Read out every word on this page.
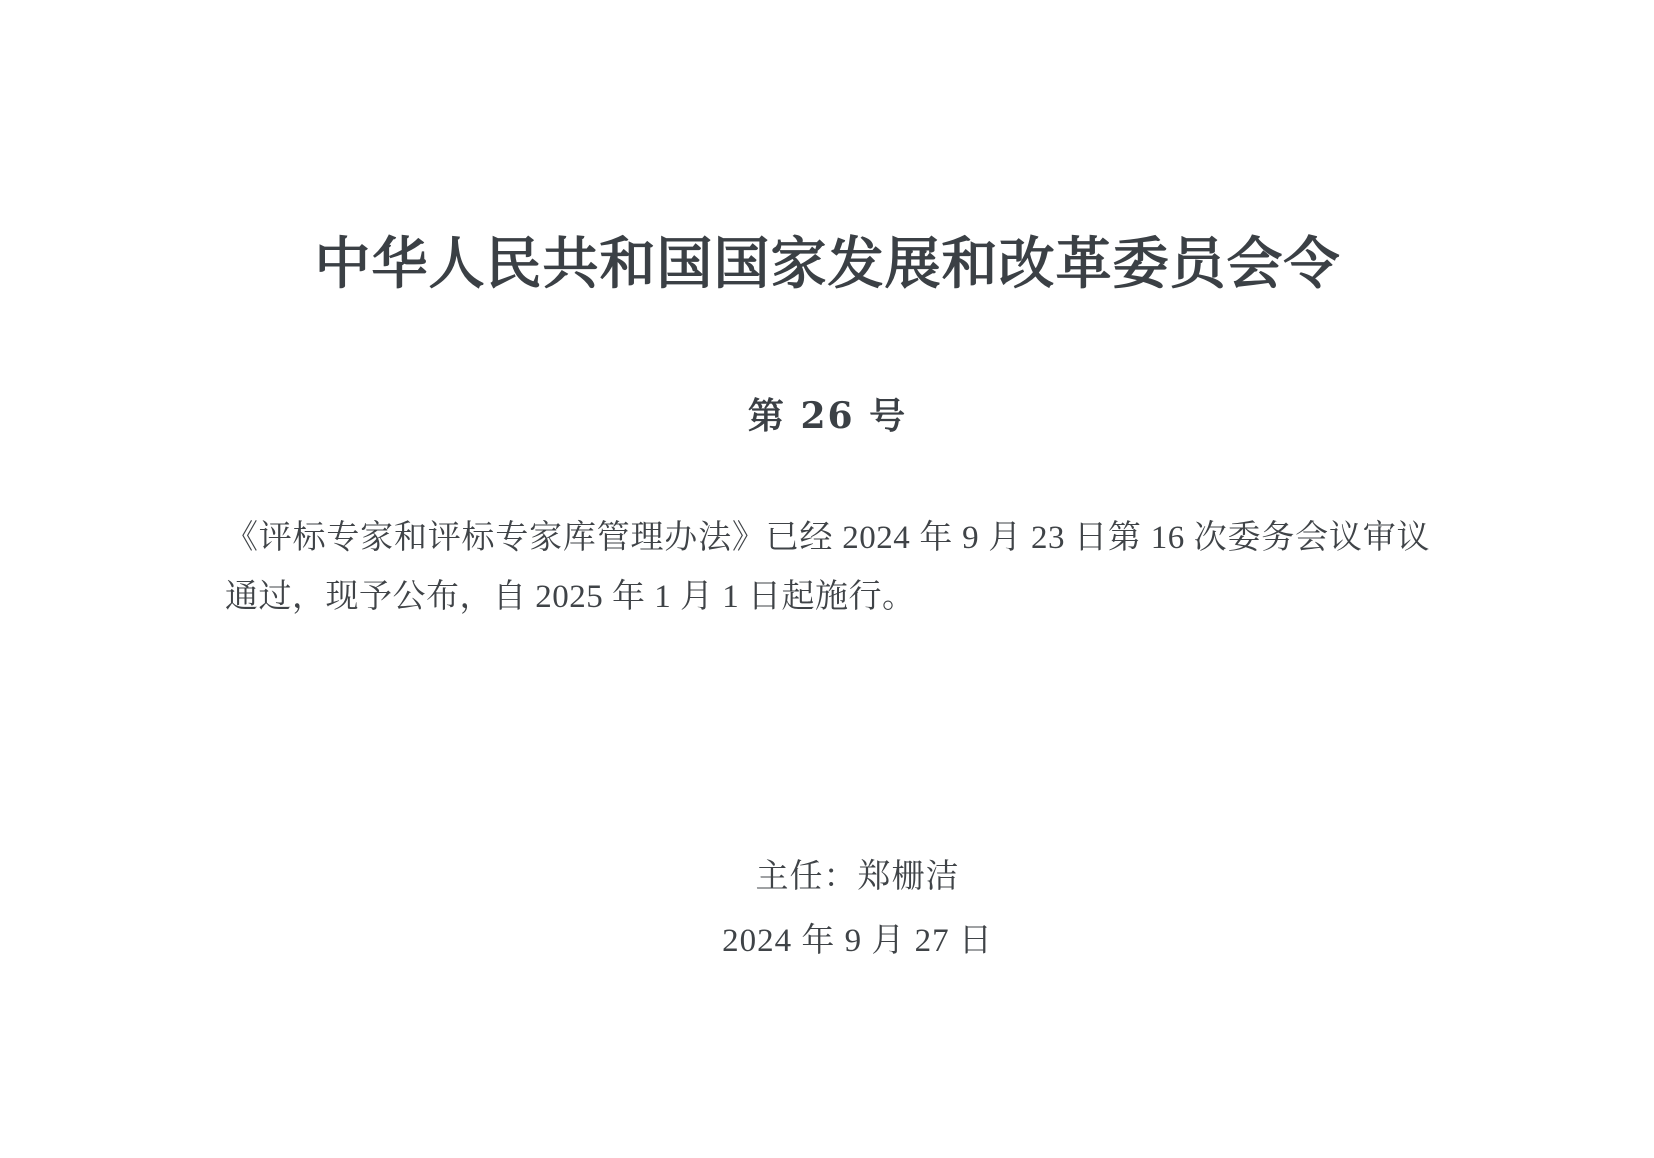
中华人民共和国国家发展和改革委员会令
第 26 号

《评标专家和评标专家库管理办法》已经 2024 年 9 月 23 日第 16 次委务会议审议通过，现予公布，自 2025 年 1 月 1 日起施行。

主任：郑栅洁
2024 年 9 月 27 日
